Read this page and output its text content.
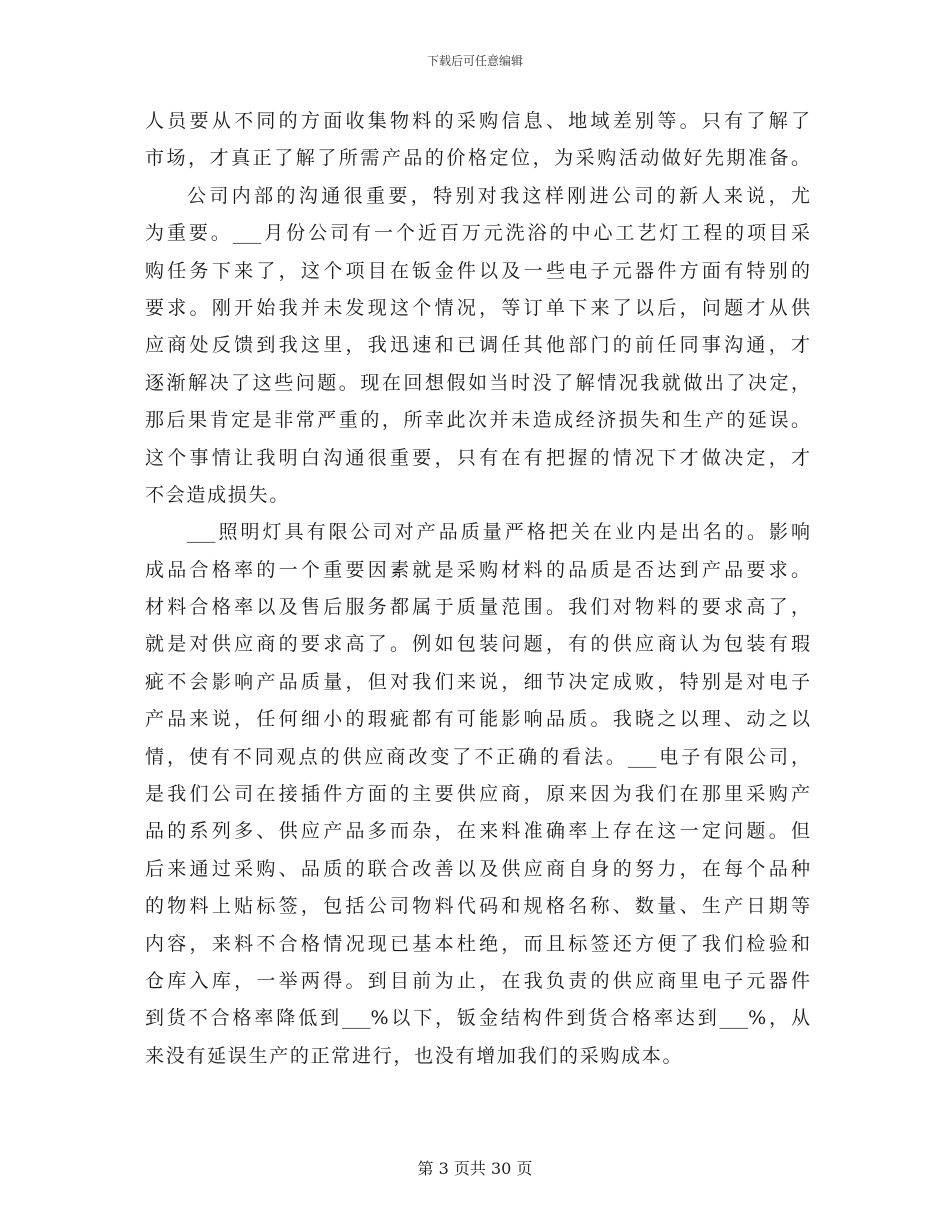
下载后可任意编辑
人员要从不同的方面收集物料的采购信息、地域差别等。只有了解了
市场，才真正了解了所需产品的价格定位，为采购活动做好先期准备。
公司内部的沟通很重要，特别对我这样刚进公司的新人来说，尤
为重要。___月份公司有一个近百万元洗浴的中心工艺灯工程的项目采
购任务下来了，这个项目在钣金件以及一些电子元器件方面有特别的
要求。刚开始我并未发现这个情况，等订单下来了以后，问题才从供
应商处反馈到我这里，我迅速和已调任其他部门的前任同事沟通，才
逐渐解决了这些问题。现在回想假如当时没了解情况我就做出了决定，
那后果肯定是非常严重的，所幸此次并未造成经济损失和生产的延误。
这个事情让我明白沟通很重要，只有在有把握的情况下才做决定，才
不会造成损失。
___照明灯具有限公司对产品质量严格把关在业内是出名的。影响
成品合格率的一个重要因素就是采购材料的品质是否达到产品要求。
材料合格率以及售后服务都属于质量范围。我们对物料的要求高了，
就是对供应商的要求高了。例如包装问题，有的供应商认为包装有瑕
疵不会影响产品质量，但对我们来说，细节决定成败，特别是对电子
产品来说，任何细小的瑕疵都有可能影响品质。我晓之以理、动之以
情，使有不同观点的供应商改变了不正确的看法。___电子有限公司，
是我们公司在接插件方面的主要供应商，原来因为我们在那里采购产
品的系列多、供应产品多而杂，在来料准确率上存在这一定问题。但
后来通过采购、品质的联合改善以及供应商自身的努力，在每个品种
的物料上贴标签，包括公司物料代码和规格名称、数量、生产日期等
内容，来料不合格情况现已基本杜绝，而且标签还方便了我们检验和
仓库入库，一举两得。到目前为止，在我负责的供应商里电子元器件
到货不合格率降低到___%以下，钣金结构件到货合格率达到___%，从
来没有延误生产的正常进行，也没有增加我们的采购成本。
第 3 页共 30 页
